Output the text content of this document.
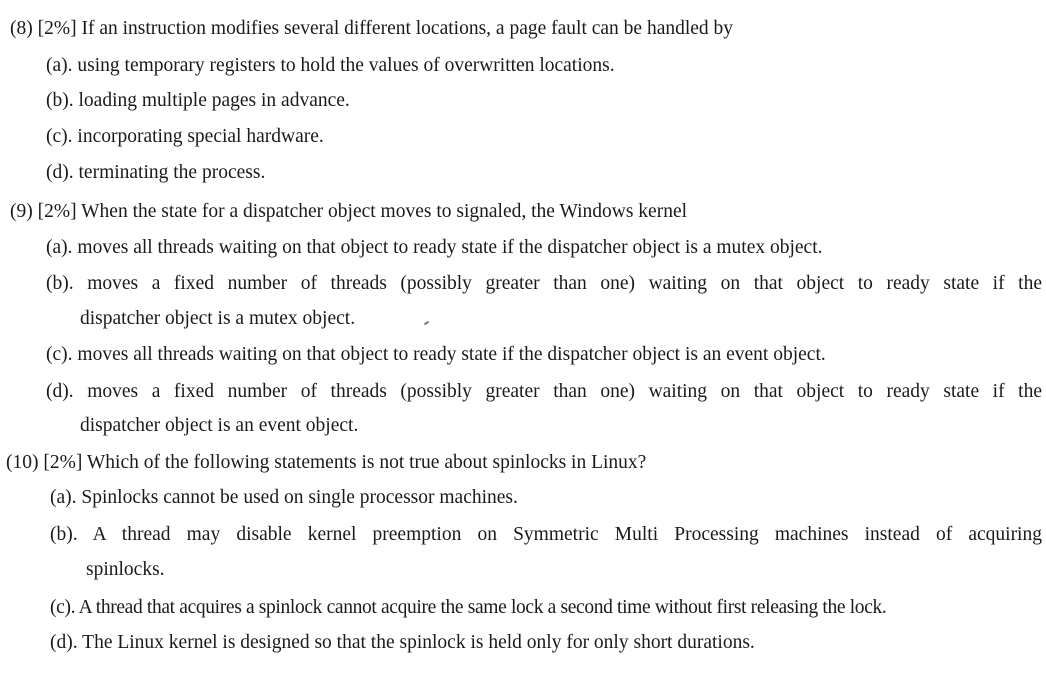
(8) [2%] If an instruction modifies several different locations, a page fault can be handled by
(a). using temporary registers to hold the values of overwritten locations.
(b). loading multiple pages in advance.
(c). incorporating special hardware.
(d). terminating the process.
(9) [2%] When the state for a dispatcher object moves to signaled, the Windows kernel
(a). moves all threads waiting on that object to ready state if the dispatcher object is a mutex object.
(b). moves a fixed number of threads (possibly greater than one) waiting on that object to ready state if the
dispatcher object is a mutex object.
(c). moves all threads waiting on that object to ready state if the dispatcher object is an event object.
(d). moves a fixed number of threads (possibly greater than one) waiting on that object to ready state if the
dispatcher object is an event object.
(10) [2%] Which of the following statements is not true about spinlocks in Linux?
(a). Spinlocks cannot be used on single processor machines.
(b). A thread may disable kernel preemption on Symmetric Multi Processing machines instead of acquiring
spinlocks.
(c). A thread that acquires a spinlock cannot acquire the same lock a second time without first releasing the lock.
(d). The Linux kernel is designed so that the spinlock is held only for only short durations.
